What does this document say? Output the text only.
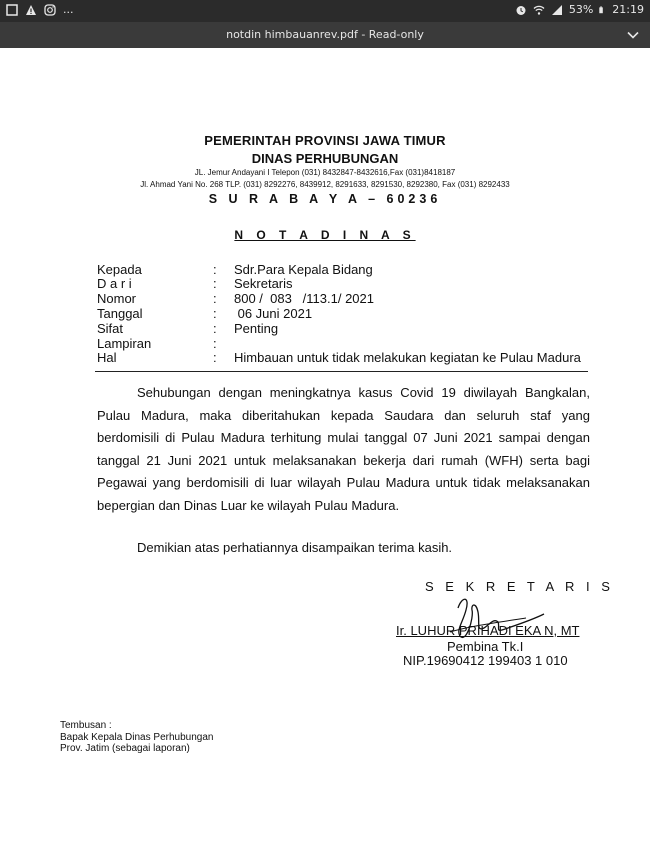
...	53% 21:19
notdin himbauanrev.pdf - Read-only
PEMERINTAH PROVINSI JAWA TIMUR
DINAS PERHUBUNGAN
JL. Jemur Andayani I Telepon (031) 8432847-8432616,Fax (031)8418187
Jl. Ahmad Yani No. 268 TLP. (031) 8292276, 8439912, 8291633, 8291530, 8292380, Fax (031) 8292433
S U R A B A Y A – 60236
N O T A D I N A S
Kepada	: Sdr.Para Kepala Bidang
D a r i	: Sekretaris
Nomor	: 800 /  083   /113.1/ 2021
Tanggal	: 06 Juni 2021
Sifat	: Penting
Lampiran	:
Hal	: Himbauan untuk tidak melakukan kegiatan ke Pulau Madura
Sehubungan dengan meningkatnya kasus Covid 19 diwilayah Bangkalan, Pulau Madura, maka diberitahukan kepada Saudara dan seluruh staf yang berdomisili di Pulau Madura terhitung mulai tanggal 07 Juni 2021 sampai dengan tanggal 21 Juni 2021 untuk melaksanakan bekerja dari rumah (WFH) serta bagi Pegawai yang berdomisili di luar wilayah Pulau Madura untuk tidak melaksanakan bepergian dan Dinas Luar ke wilayah Pulau Madura.
Demikian atas perhatiannya disampaikan terima kasih.
S E K R E T A R I S
Ir. LUHUR PRIHADI EKA N, MT
Pembina Tk.I
NIP.19690412 199403 1 010
Tembusan :
Bapak Kepala Dinas Perhubungan
Prov. Jatim (sebagai laporan)
